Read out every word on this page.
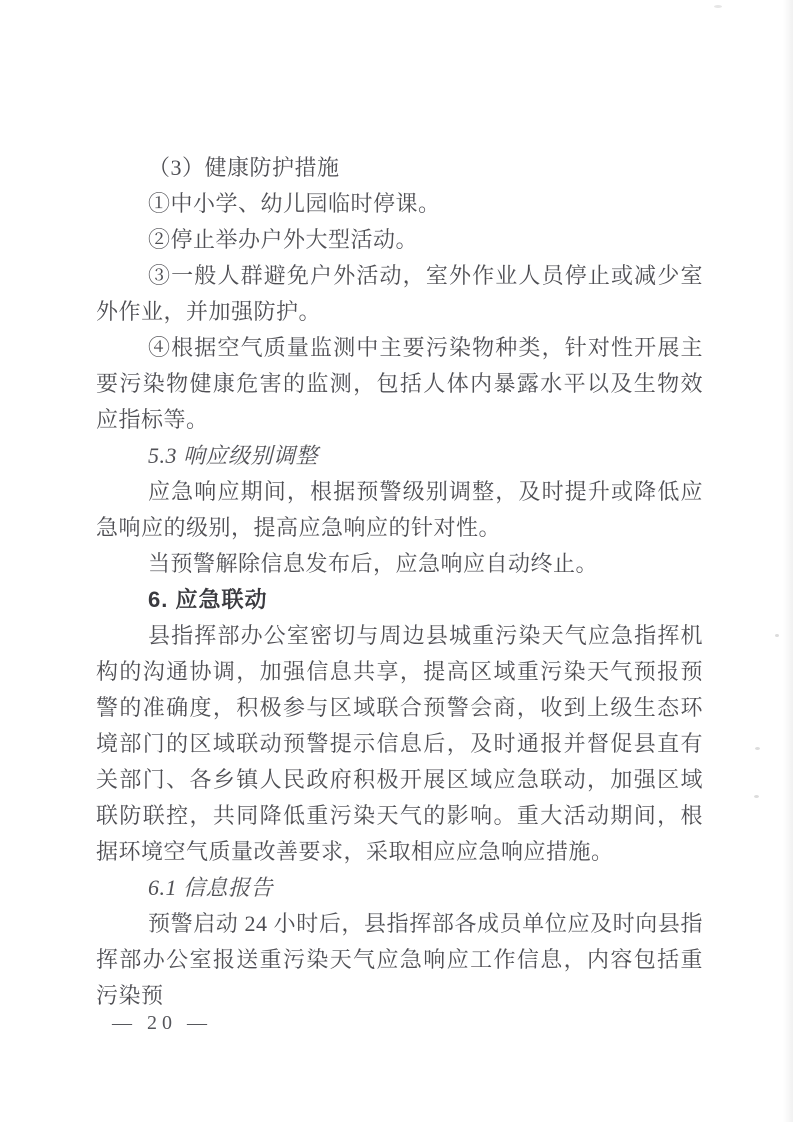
（3）健康防护措施

①中小学、幼儿园临时停课。

②停止举办户外大型活动。

③一般人群避免户外活动，室外作业人员停止或减少室外作业，并加强防护。

④根据空气质量监测中主要污染物种类，针对性开展主要污染物健康危害的监测，包括人体内暴露水平以及生物效应指标等。

5.3 响应级别调整

应急响应期间，根据预警级别调整，及时提升或降低应急响应的级别，提高应急响应的针对性。

当预警解除信息发布后，应急响应自动终止。

6. 应急联动

县指挥部办公室密切与周边县城重污染天气应急指挥机构的沟通协调，加强信息共享，提高区域重污染天气预报预警的准确度，积极参与区域联合预警会商，收到上级生态环境部门的区域联动预警提示信息后，及时通报并督促县直有关部门、各乡镇人民政府积极开展区域应急联动，加强区域联防联控，共同降低重污染天气的影响。重大活动期间，根据环境空气质量改善要求，采取相应应急响应措施。

6.1 信息报告

预警启动 24 小时后，县指挥部各成员单位应及时向县指挥部办公室报送重污染天气应急响应工作信息，内容包括重污染预

— 20 —
